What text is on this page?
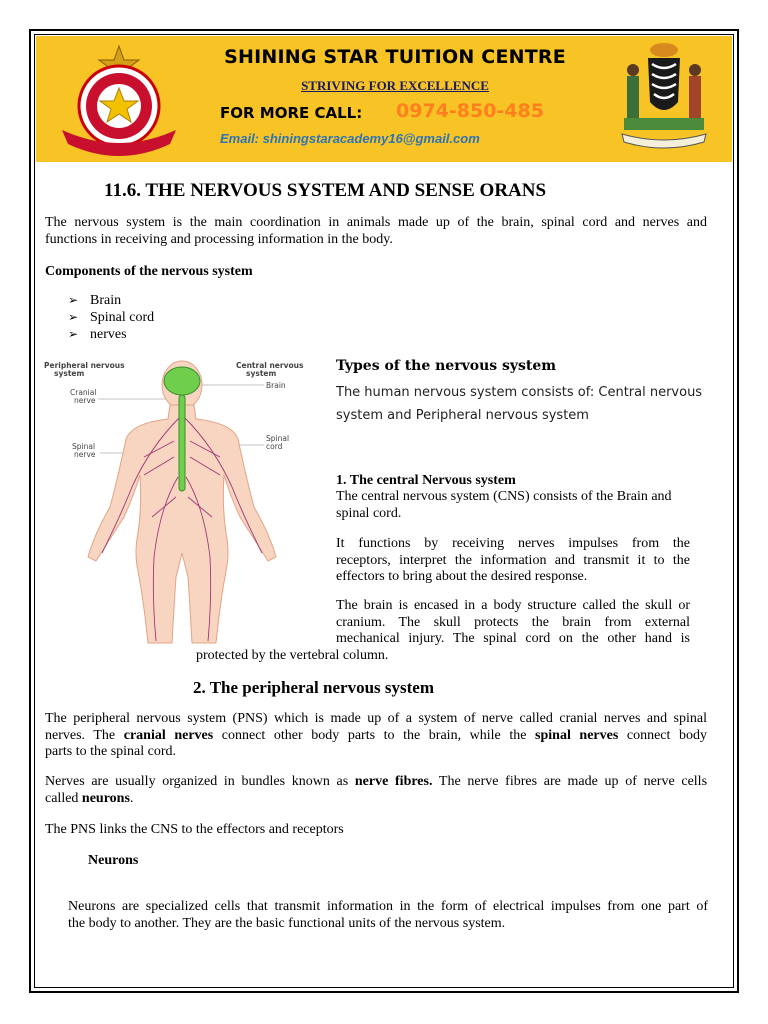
SHINING STAR TUITION CENTRE
STRIVING FOR EXCELLENCE
FOR MORE CALL: 0974-850-485
Email: shiningstaracademy16@gmail.com
11.6. THE NERVOUS SYSTEM AND SENSE ORANS
The nervous system is the main coordination in animals made up of the brain, spinal cord and nerves and
functions in receiving and processing information in the body.
Components of the nervous system
➢ Brain
➢ Spinal cord
➢ nerves
Peripheral nervous
system
Central nervous
system
Brain
Cranial
nerve
Spinal
nerve
Spinal
cord
Types of the nervous system
The human nervous system consists of: Central nervous
system and Peripheral nervous system
1. The central Nervous system
The central nervous system (CNS) consists of the Brain and
spinal cord.
It functions by receiving nerves impulses from the
receptors, interpret the information and transmit it to the
effectors to bring about the desired response.
The brain is encased in a body structure called the skull or
cranium. The skull protects the brain from external
mechanical injury. The spinal cord on the other hand is
protected by the vertebral column.
2. The peripheral nervous system
The peripheral nervous system (PNS) which is made up of a system of nerve called cranial nerves and spinal
nerves. The cranial nerves connect other body parts to the brain, while the spinal nerves connect body
parts to the spinal cord.
Nerves are usually organized in bundles known as nerve fibres. The nerve fibres are made up of nerve cells
called neurons.
The PNS links the CNS to the effectors and receptors
Neurons
Neurons are specialized cells that transmit information in the form of electrical impulses from one part of
the body to another. They are the basic functional units of the nervous system.
